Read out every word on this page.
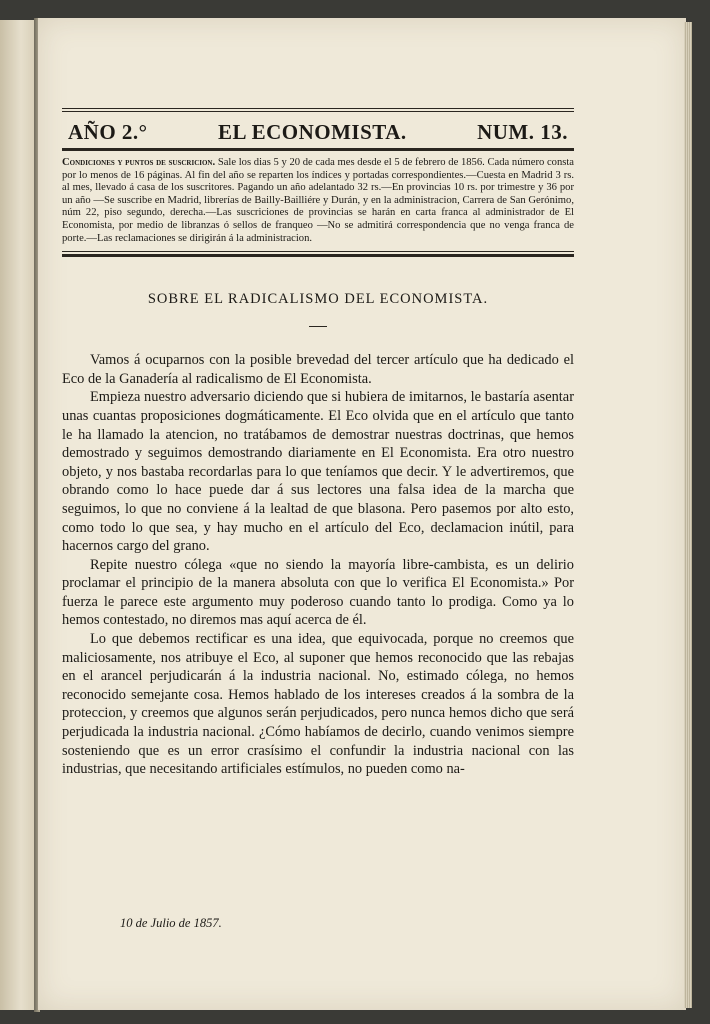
AÑO 2.°	EL ECONOMISTA.	NUM. 13.
Condiciones y puntos de suscricion. Sale los dias 5 y 20 de cada mes desde el 5 de febrero de 1856. Cada número consta por lo menos de 16 páginas. Al fin del año se reparten los índices y portadas correspondientes.—Cuesta en Madrid 3 rs. al mes, llevado á casa de los suscritores. Pagando un año adelantado 32 rs.—En provincias 10 rs. por trimestre y 36 por un año —Se suscribe en Madrid, librerías de Bailly-Bailliére y Durán, y en la administracion, Carrera de San Gerónimo, núm 22, piso segundo, derecha.—Las suscriciones de provincias se harán en carta franca al administrador de El Economista, por medio de libranzas ó sellos de franqueo —No se admitirá correspondencia que no venga franca de porte.—Las reclamaciones se dirigirán á la administracion.
SOBRE EL RADICALISMO DEL ECONOMISTA.

Vamos á ocuparnos con la posible brevedad del tercer artículo que ha dedicado el Eco de la Ganadería al radicalismo de El Economista.

Empieza nuestro adversario diciendo que si hubiera de imitarnos, le bastaría asentar unas cuantas proposiciones dogmáticamente. El Eco olvida que en el artículo que tanto le ha llamado la atencion, no tratábamos de demostrar nuestras doctrinas, que hemos demostrado y seguimos demostrando diariamente en El Economista. Era otro nuestro objeto, y nos bastaba recordarlas para lo que teníamos que decir. Y le advertiremos, que obrando como lo hace puede dar á sus lectores una falsa idea de la marcha que seguimos, lo que no conviene á la lealtad de que blasona. Pero pasemos por alto esto, como todo lo que sea, y hay mucho en el artículo del Eco, declamacion inútil, para hacernos cargo del grano.

Repite nuestro cólega «que no siendo la mayoría libre-cambista, es un delirio proclamar el principio de la manera absoluta con que lo verifica El Economista.» Por fuerza le parece este argumento muy poderoso cuando tanto lo prodiga. Como ya lo hemos contestado, no diremos mas aquí acerca de él.

Lo que debemos rectificar es una idea, que equivocada, porque no creemos que maliciosamente, nos atribuye el Eco, al suponer que hemos reconocido que las rebajas en el arancel perjudicarán á la industria nacional. No, estimado cólega, no hemos reconocido semejante cosa. Hemos hablado de los intereses creados á la sombra de la proteccion, y creemos que algunos serán perjudicados, pero nunca hemos dicho que será perjudicada la industria nacional. ¿Cómo habíamos de decirlo, cuando venimos siempre sosteniendo que es un error crasísimo el confundir la industria nacional con las industrias, que necesitando artificiales estímulos, no pueden como na-

10 de Julio de 1857.
